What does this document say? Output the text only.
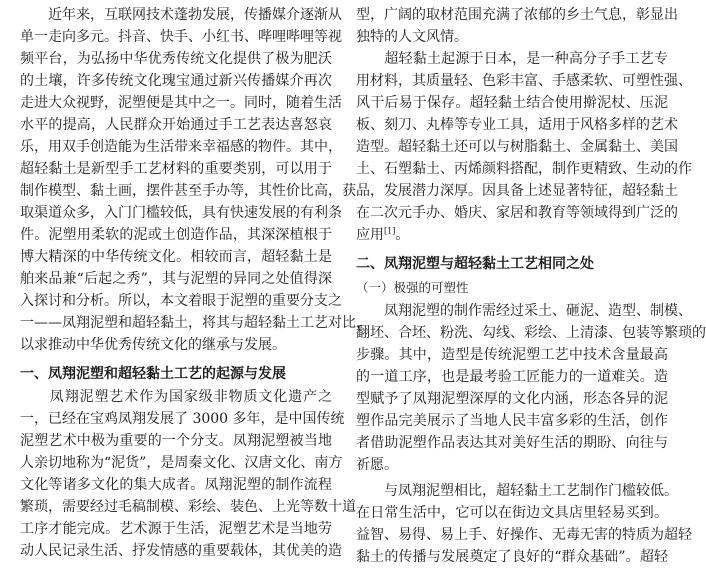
　　近年来，互联网技术蓬勃发展，传播媒介逐渐从
单一走向多元。抖音、快手、小红书、哔哩哔哩等视
频平台，为弘扬中华优秀传统文化提供了极为肥沃
的土壤，许多传统文化瑰宝通过新兴传播媒介再次
走进大众视野，泥塑便是其中之一。同时，随着生活
水平的提高，人民群众开始通过手工艺表达喜怒哀
乐，用双手创造能为生活带来幸福感的物件。其中，
超轻黏土是新型手工艺材料的重要类别，可以用于
制作模型、黏土画，摆件甚至手办等，其性价比高，获
取渠道众多，入门门槛较低，具有快速发展的有利条
件。泥塑用柔软的泥或土创造作品，其深深植根于
博大精深的中华传统文化。相较而言，超轻黏土是
舶来品兼“后起之秀”，其与泥塑的异同之处值得深
入探讨和分析。所以，本文着眼于泥塑的重要分支之
一——凤翔泥塑和超轻黏土，将其与超轻黏土工艺对比，
以求推动中华优秀传统文化的继承与发展。
一、凤翔泥塑和超轻黏土工艺的起源与发展
　　凤翔泥塑艺术作为国家级非物质文化遗产之
一，已经在宝鸡凤翔发展了 3000 多年，是中国传统
泥塑艺术中极为重要的一个分支。凤翔泥塑被当地
人亲切地称为“泥货”，是周秦文化、汉唐文化、南方
文化等诸多文化的集大成者。凤翔泥塑的制作流程
繁琐，需要经过毛稿制模、彩绘、装色、上光等数十道
工序才能完成。艺术源于生活，泥塑艺术是当地劳
动人民记录生活、抒发情感的重要载体，其优美的造
型，广阔的取材范围充满了浓郁的乡土气息，彰显出
独特的人文风情。
　　超轻黏土起源于日本，是一种高分子手工艺专
用材料，其质量轻、色彩丰富、手感柔软、可塑性强、
风干后易于保存。超轻黏土结合使用擀泥杖、压泥
板、刻刀、丸棒等专业工具，适用于风格多样的艺术
造型。超轻黏土还可以与树脂黏土、金属黏土、美国
土、石塑黏土、丙烯颜料搭配，制作更精致、生动的作
品，发展潜力深厚。因具备上述显著特征，超轻黏土
在二次元手办、婚庆、家居和教育等领域得到广泛的
应用[1]。
二、凤翔泥塑与超轻黏土工艺相同之处
（一）极强的可塑性
　　凤翔泥塑的制作需经过采土、砸泥、造型、制模、
翻坯、合坯、粉洗、勾线、彩绘、上清漆、包装等繁琐的
步骤。其中，造型是传统泥塑工艺中技术含量最高
的一道工序，也是最考验工匠能力的一道难关。造
型赋予了凤翔泥塑深厚的文化内涵，形态各异的泥
塑作品完美展示了当地人民丰富多彩的生活，创作
者借助泥塑作品表达其对美好生活的期盼、向往与
祈愿。
　　与凤翔泥塑相比，超轻黏土工艺制作门槛较低。
在日常生活中，它可以在街边文具店里轻易买到。
益智、易得、易上手、好操作、无毒无害的特质为超轻
黏土的传播与发展奠定了良好的“群众基础”。超轻
